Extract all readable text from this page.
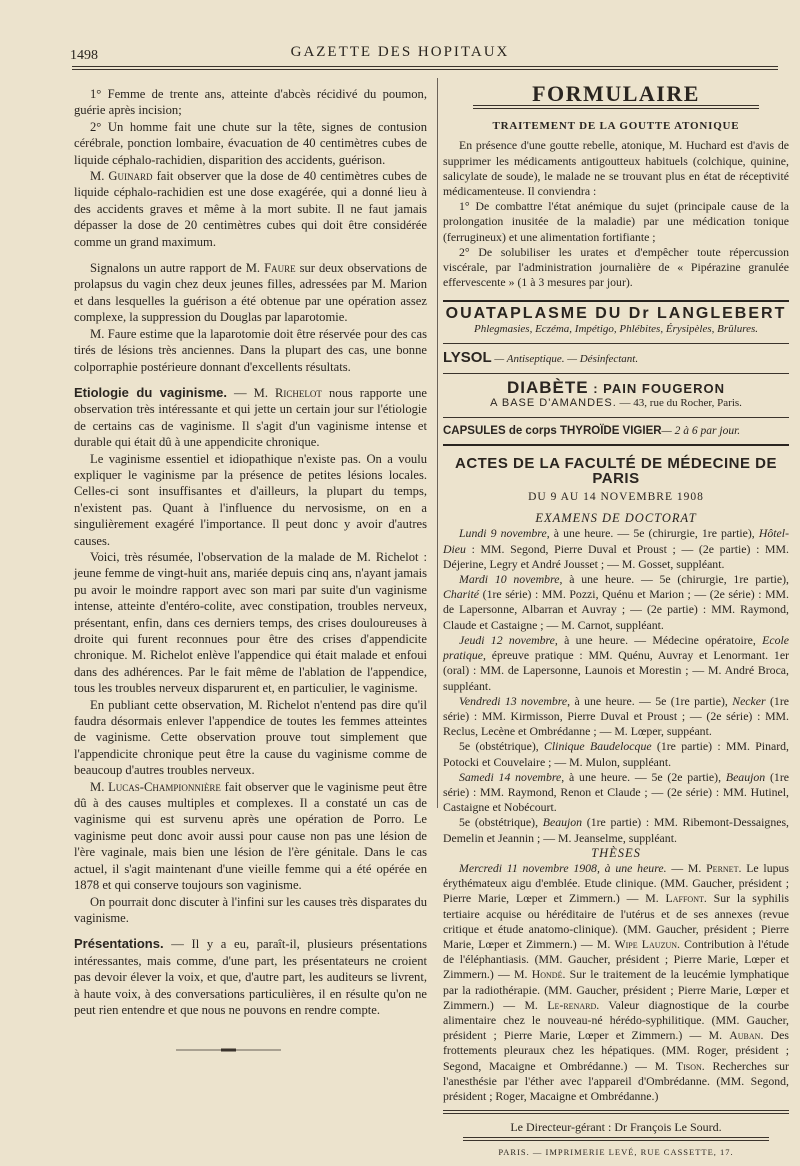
1498	GAZETTE DES HOPITAUX

1° Femme de trente ans, atteinte d'abcès récidivé du poumon, guérie après incision;

2° Un homme fait une chute sur la tête, signes de contusion cérébrale, ponction lombaire, évacuation de 40 centimètres cubes de liquide céphalo-rachidien, disparition des accidents, guérison.

M. Guinard fait observer que la dose de 40 centimètres cubes de liquide céphalo-rachidien est une dose exagérée, qui a donné lieu à des accidents graves et même à la mort subite. Il ne faut jamais dépasser la dose de 20 centimètres cubes qui doit être considérée comme un grand maximum.

Signalons un autre rapport de M. Faure sur deux observations de prolapsus du vagin chez deux jeunes filles, adressées par M. Marion et dans lesquelles la guérison a été obtenue par une opération assez complexe, la suppression du Douglas par laparotomie.

M. Faure estime que la laparotomie doit être réservée pour des cas tirés de lésions très anciennes. Dans la plupart des cas, une bonne colporraphie postérieure donnant d'excellents résultats.

Etiologie du vaginisme. — M. Richelot nous rapporte une observation très intéressante et qui jette un certain jour sur l'étiologie de certains cas de vaginisme. Il s'agit d'un vaginisme intense et durable qui était dû à une appendicite chronique.

Le vaginisme essentiel et idiopathique n'existe pas. On a voulu expliquer le vaginisme par la présence de petites lésions locales. Celles-ci sont insuffisantes et d'ailleurs, la plupart du temps, n'existent pas. Quant à l'influence du nervosisme, on en a singulièrement exagéré l'importance. Il peut donc y avoir d'autres causes.

Voici, très résumée, l'observation de la malade de M. Richelot : jeune femme de vingt-huit ans, mariée depuis cinq ans, n'ayant jamais pu avoir le moindre rapport avec son mari par suite d'un vaginisme intense, atteinte d'entéro-colite, avec constipation, troubles nerveux, présentant, enfin, dans ces derniers temps, des crises douloureuses à droite qui furent reconnues pour être des crises d'appendicite chronique. M. Richelot enlève l'appendice qui était malade et enfoui dans des adhérences. Par le fait même de l'ablation de l'appendice, tous les troubles nerveux disparurent et, en particulier, le vaginisme.

En publiant cette observation, M. Richelot n'entend pas dire qu'il faudra désormais enlever l'appendice de toutes les femmes atteintes de vaginisme. Cette observation prouve tout simplement que l'appendicite chronique peut être la cause du vaginisme comme de beaucoup d'autres troubles nerveux.

M. Lucas-Championnière fait observer que le vaginisme peut être dû à des causes multiples et complexes. Il a constaté un cas de vaginisme qui est survenu après une opération de Porro. Le vaginisme peut donc avoir aussi pour cause non pas une lésion de l'ère vaginale, mais bien une lésion de l'ère génitale. Dans le cas actuel, il s'agit maintenant d'une vieille femme qui a été opérée en 1878 et qui conserve toujours son vaginisme.

On pourrait donc discuter à l'infini sur les causes très disparates du vaginisme.

Présentations. — Il y a eu, paraît-il, plusieurs présentations intéressantes, mais comme, d'une part, les présentateurs ne croient pas devoir élever la voix, et que, d'autre part, les auditeurs se livrent, à haute voix, à des conversations particulières, il en résulte qu'on ne peut rien entendre et que nous ne pouvons en rendre compte.

FORMULAIRE
TRAITEMENT DE LA GOUTTE ATONIQUE

En présence d'une goutte rebelle, atonique, M. Huchard est d'avis de supprimer les médicaments antigoutteux habituels (colchique, quinine, salicylate de soude), le malade ne se trouvant plus en état de réceptivité médicamenteuse. Il conviendra :

1° De combattre l'état anémique du sujet (principale cause de la prolongation inusitée de la maladie) par une médication tonique (ferrugineux) et une alimentation fortifiante ;

2° De solubiliser les urates et d'empêcher toute répercussion viscérale, par l'administration journalière de « Pipérazine granulée effervescente » (1 à 3 mesures par jour).

OUATAPLASME DU Dr LANGLEBERT
Phlegmasies, Eczéma, Impétigo, Phlébites, Érysipèles, Brûlures.
LYSOL — Antiseptique. — Désinfectant.
DIABÈTE : PAIN FOUGERON
A BASE D'AMANDES. — 43, rue du Rocher, Paris.
CAPSULES de corps THYROÏDE VIGIER— 2 à 6 par jour.
ACTES DE LA FACULTÉ DE MÉDECINE DE PARIS
DU 9 AU 14 NOVEMBRE 1908
EXAMENS DE DOCTORAT

Lundi 9 novembre, à une heure. — 5e (chirurgie, 1re partie), Hôtel-Dieu : MM. Segond, Pierre Duval et Proust ; — (2e partie) : MM. Déjerine, Legry et André Jousset ; — M. Gosset, suppléant.

Mardi 10 novembre, à une heure. — 5e (chirurgie, 1re partie), Charité (1re série) : MM. Pozzi, Quénu et Marion ; — (2e série) : MM. de Lapersonne, Albarran et Auvray ; — (2e partie) : MM. Raymond, Claude et Castaigne ; — M. Carnot, suppléant.

Jeudi 12 novembre, à une heure. — Médecine opératoire, Ecole pratique, épreuve pratique : MM. Quénu, Auvray et Lenormant. 1er (oral) : MM. de Lapersonne, Launois et Morestin ; — M. André Broca, suppléant.

Vendredi 13 novembre, à une heure. — 5e (1re partie), Necker (1re série) : MM. Kirmisson, Pierre Duval et Proust ; — (2e série) : MM. Reclus, Lecène et Ombrédanne ; — M. Lœper, suppéant.

5e (obstétrique), Clinique Baudelocque (1re partie) : MM. Pinard, Potocki et Couvelaire ; — M. Mulon, suppléant.

Samedi 14 novembre, à une heure. — 5e (2e partie), Beaujon (1re série) : MM. Raymond, Renon et Claude ; — (2e série) : MM. Hutinel, Castaigne et Nobécourt.

5e (obstétrique), Beaujon (1re partie) : MM. Ribemont-Dessaignes, Demelin et Jeannin ; — M. Jeanselme, suppléant.

THÈSES

Mercredi 11 novembre 1908, à une heure. — M. Pernet. Le lupus érythémateux aigu d'emblée. Etude clinique. (MM. Gaucher, président ; Pierre Marie, Lœper et Zimmern.) — M. Laffont. Sur la syphilis tertiaire acquise ou héréditaire de l'utérus et de ses annexes (revue critique et étude anatomo-clinique). (MM. Gaucher, président ; Pierre Marie, Lœper et Zimmern.) — M. Wipe Lauzun. Contribution à l'étude de l'éléphantiasis. (MM. Gaucher, président ; Pierre Marie, Lœper et Zimmern.) — M. Hondé. Sur le traitement de la leucémie lymphatique par la radiothérapie. (MM. Gaucher, président ; Pierre Marie, Lœper et Zimmern.) — M. Le-renard. Valeur diagnostique de la courbe alimentaire chez le nouveau-né hérédo-syphilitique. (MM. Gaucher, président ; Pierre Marie, Lœper et Zimmern.) — M. Auban. Des frottements pleuraux chez les hépatiques. (MM. Roger, président ; Segond, Macaigne et Ombrédanne.) — M. Tison. Recherches sur l'anesthésie par l'éther avec l'appareil d'Ombrédanne. (MM. Segond, président ; Roger, Macaigne et Ombrédanne.)

Le Directeur-gérant : Dr François Le Sourd.
PARIS. — IMPRIMERIE LEVÉ, RUE CASSETTE, 17.
